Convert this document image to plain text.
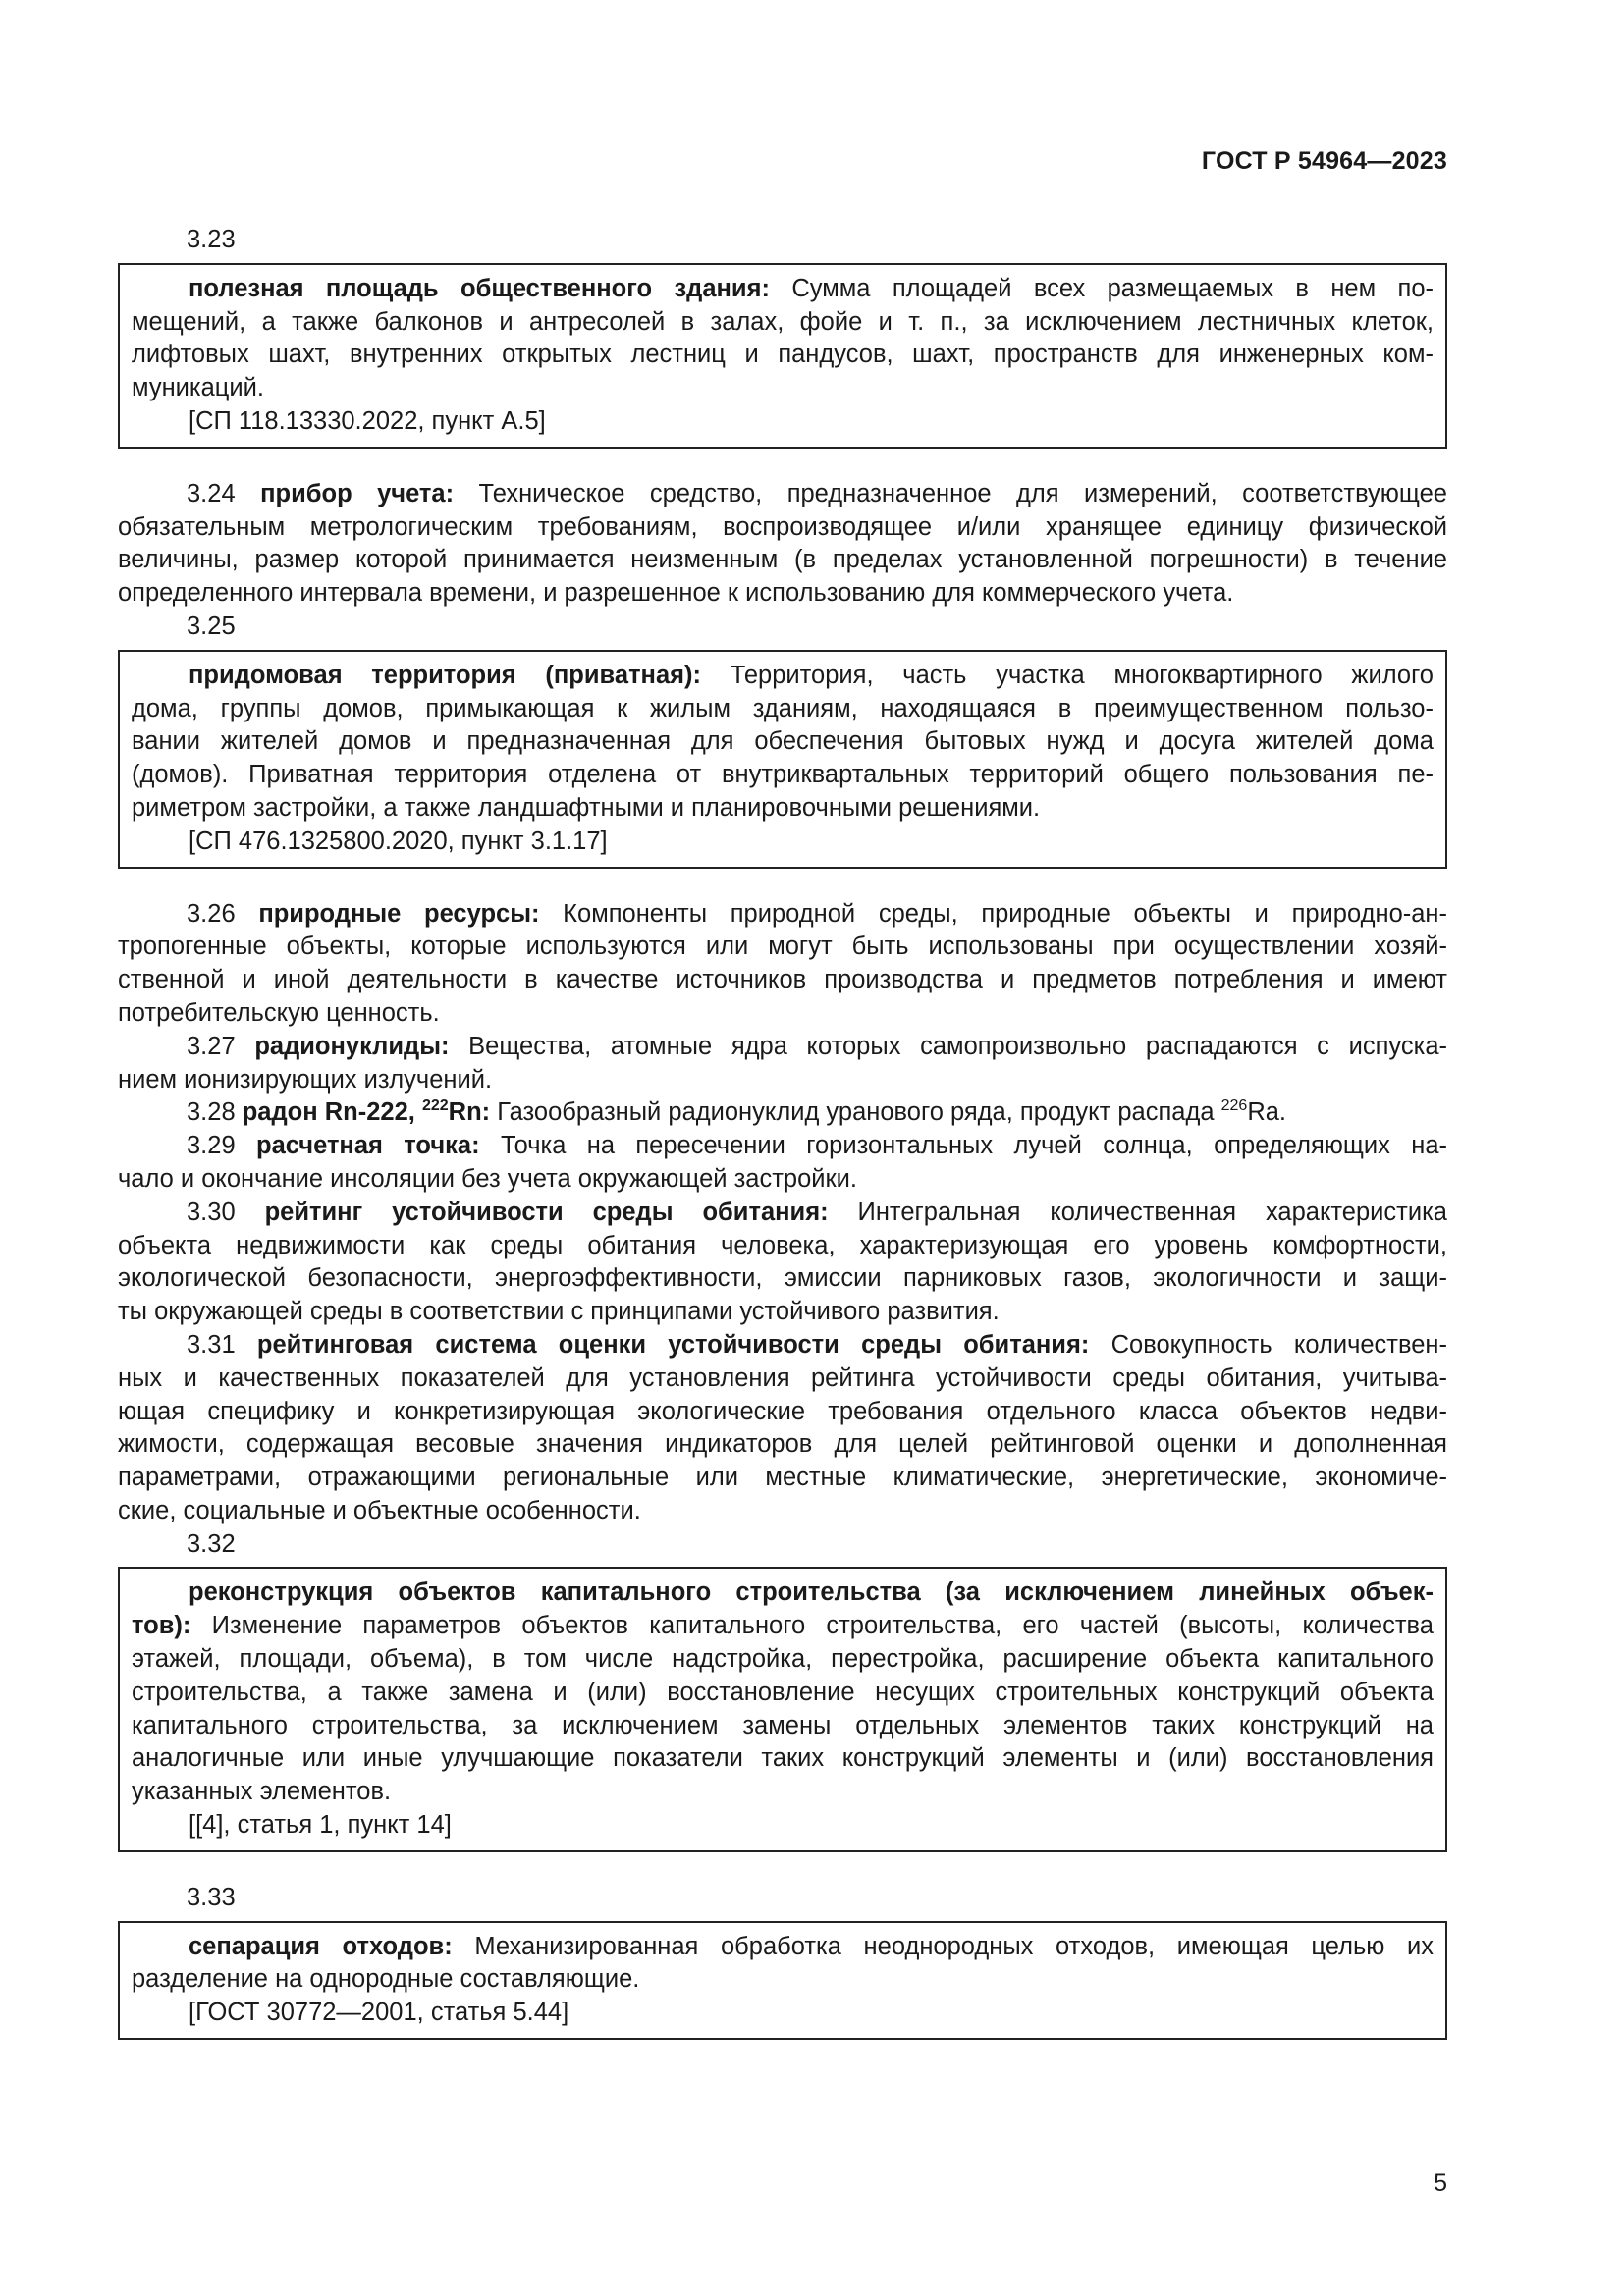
ГОСТ Р 54964—2023

3.23

полезная площадь общественного здания: Сумма площадей всех размещаемых в нем по-
мещений, а также балконов и антресолей в залах, фойе и т. п., за исключением лестничных клеток,
лифтовых шахт, внутренних открытых лестниц и пандусов, шахт, пространств для инженерных ком-
муникаций.
[СП 118.13330.2022, пункт А.5]
3.24 прибор учета: Техническое средство, предназначенное для измерений, соответствующее
обязательным метрологическим требованиям, воспроизводящее и/или хранящее единицу физической
величины, размер которой принимается неизменным (в пределах установленной погрешности) в течение
определенного интервала времени, и разрешенное к использованию для коммерческого учета.

3.25

придомовая территория (приватная): Территория, часть участка многоквартирного жилого
дома, группы домов, примыкающая к жилым зданиям, находящаяся в преимущественном пользо-
вании жителей домов и предназначенная для обеспечения бытовых нужд и досуга жителей дома
(домов). Приватная территория отделена от внутриквартальных территорий общего пользования пе-
риметром застройки, а также ландшафтными и планировочными решениями.
[СП 476.1325800.2020, пункт 3.1.17]
3.26 природные ресурсы: Компоненты природной среды, природные объекты и природно-ан-
тропогенные объекты, которые используются или могут быть использованы при осуществлении хозяй-
ственной и иной деятельности в качестве источников производства и предметов потребления и имеют
потребительскую ценность.
3.27 радионуклиды: Вещества, атомные ядра которых самопроизвольно распадаются с испуска-
нием ионизирующих излучений.
3.28 радон Rn-222, $^{222}$Rn: Газообразный радионуклид уранового ряда, продукт распада $^{226}$Ra.
3.29 расчетная точка: Точка на пересечении горизонтальных лучей солнца, определяющих на-
чало и окончание инсоляции без учета окружающей застройки.
3.30 рейтинг устойчивости среды обитания: Интегральная количественная характеристика
объекта недвижимости как среды обитания человека, характеризующая его уровень комфортности,
экологической безопасности, энергоэффективности, эмиссии парниковых газов, экологичности и защи-
ты окружающей среды в соответствии с принципами устойчивого развития.
3.31 рейтинговая система оценки устойчивости среды обитания: Совокупность количествен-
ных и качественных показателей для установления рейтинга устойчивости среды обитания, учитыва-
ющая специфику и конкретизирующая экологические требования отдельного класса объектов недви-
жимости, содержащая весовые значения индикаторов для целей рейтинговой оценки и дополненная
параметрами, отражающими региональные или местные климатические, энергетические, экономиче-
ские, социальные и объектные особенности.

3.32

реконструкция объектов капитального строительства (за исключением линейных объек-
тов): Изменение параметров объектов капитального строительства, его частей (высоты, количества
этажей, площади, объема), в том числе надстройка, перестройка, расширение объекта капитального
строительства, а также замена и (или) восстановление несущих строительных конструкций объекта
капитального строительства, за исключением замены отдельных элементов таких конструкций на
аналогичные или иные улучшающие показатели таких конструкций элементы и (или) восстановления
указанных элементов.
[[4], статья 1, пункт 14]

3.33

сепарация отходов: Механизированная обработка неоднородных отходов, имеющая целью их
разделение на однородные составляющие.
[ГОСТ 30772—2001, статья 5.44]
5
